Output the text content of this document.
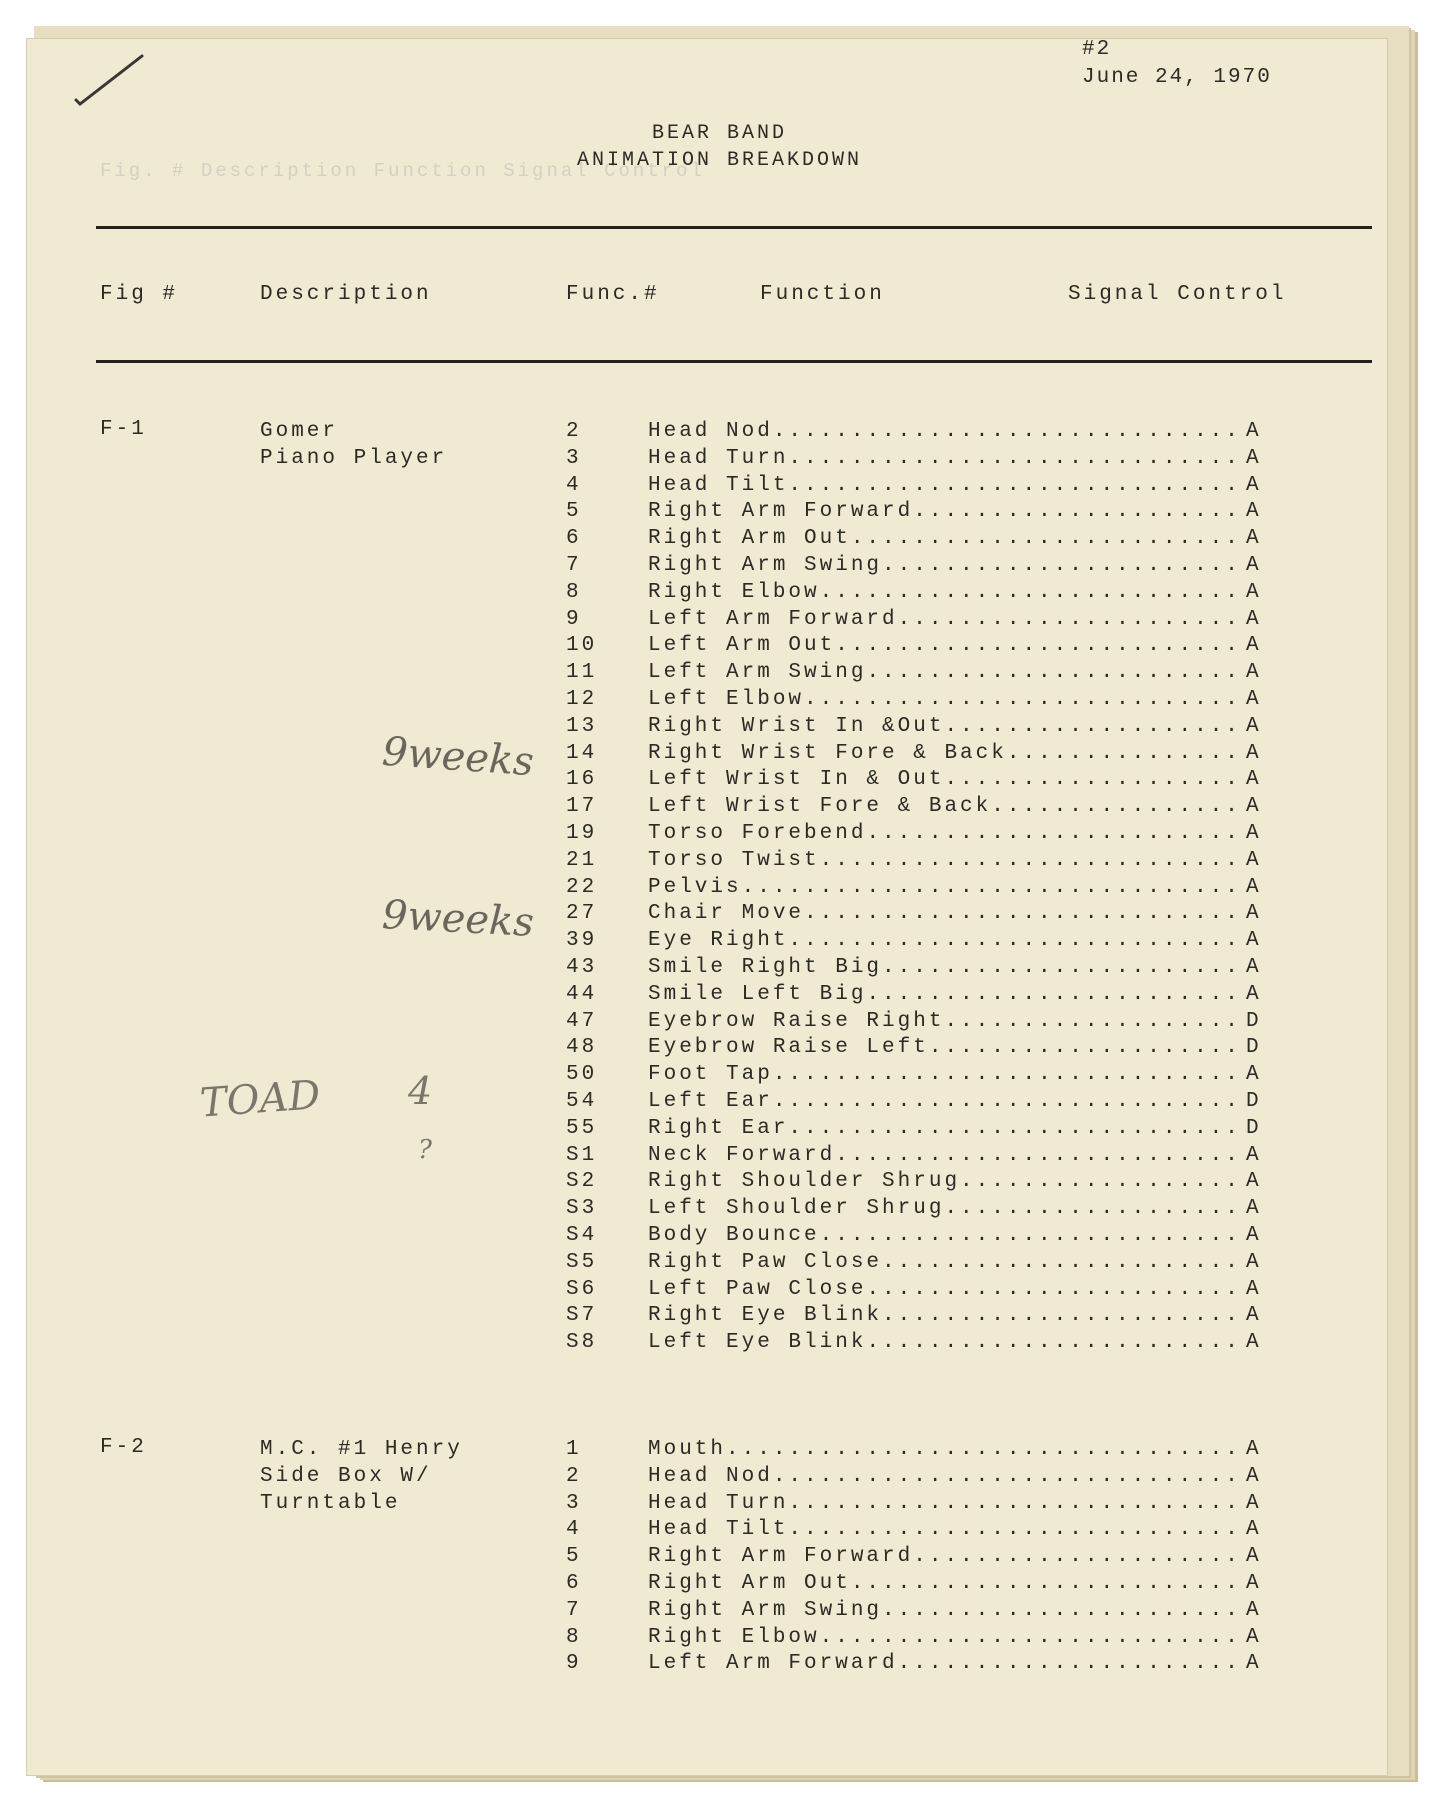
Fig. # Description Function Signal Control
#2
June 24, 1970
BEAR BAND
ANIMATION BREAKDOWN
Fig #	Description	Func.#	Function	Signal Control
F-1	Gomer
Piano Player
2	Head Nod .....	A
3	Head Turn .....	A
4	Head Tilt .....	A
5	Right Arm Forward .....	A
6	Right Arm Out .....	A
7	Right Arm Swing .....	A
8	Right Elbow .....	A
9	Left Arm Forward .....	A
10 Left Arm Out .....	A
11 Left Arm Swing .....	A
12 Left Elbow .....	A
13 Right Wrist In &Out .....	A
14 Right Wrist Fore & Back .....	A
16 Left Wrist In & Out .....	A
17 Left Wrist Fore & Back .....	A
19 Torso Forebend .....	A
21 Torso Twist .....	A
22 Pelvis .....	A
27 Chair Move .....	A
39 Eye Right .....	A
43 Smile Right Big .....	A
44 Smile Left Big .....	A
47 Eyebrow Raise Right .....	D
48 Eyebrow Raise Left .....	D
50 Foot Tap .....	A
54 Left Ear .....	D
55 Right Ear .....	D
S1 Neck Forward .....	A
S2 Right Shoulder Shrug .....	A
S3 Left Shoulder Shrug .....	A
S4 Body Bounce .....	A
S5 Right Paw Close .....	A
S6 Left Paw Close .....	A
S7 Right Eye Blink .....	A
S8 Left Eye Blink .....	A
F-2	M.C. #1 Henry
Side Box W/
Turntable
1	Mouth .....	A
2	Head Nod .....	A
3	Head Turn .....	A
4	Head Tilt .....	A
5	Right Arm Forward .....	A
6	Right Arm Out .....	A
7	Right Arm Swing .....	A
8	Right Elbow .....	A
9	Left Arm Forward .....	A
9weeks
9weeks
TOAD 4
?
